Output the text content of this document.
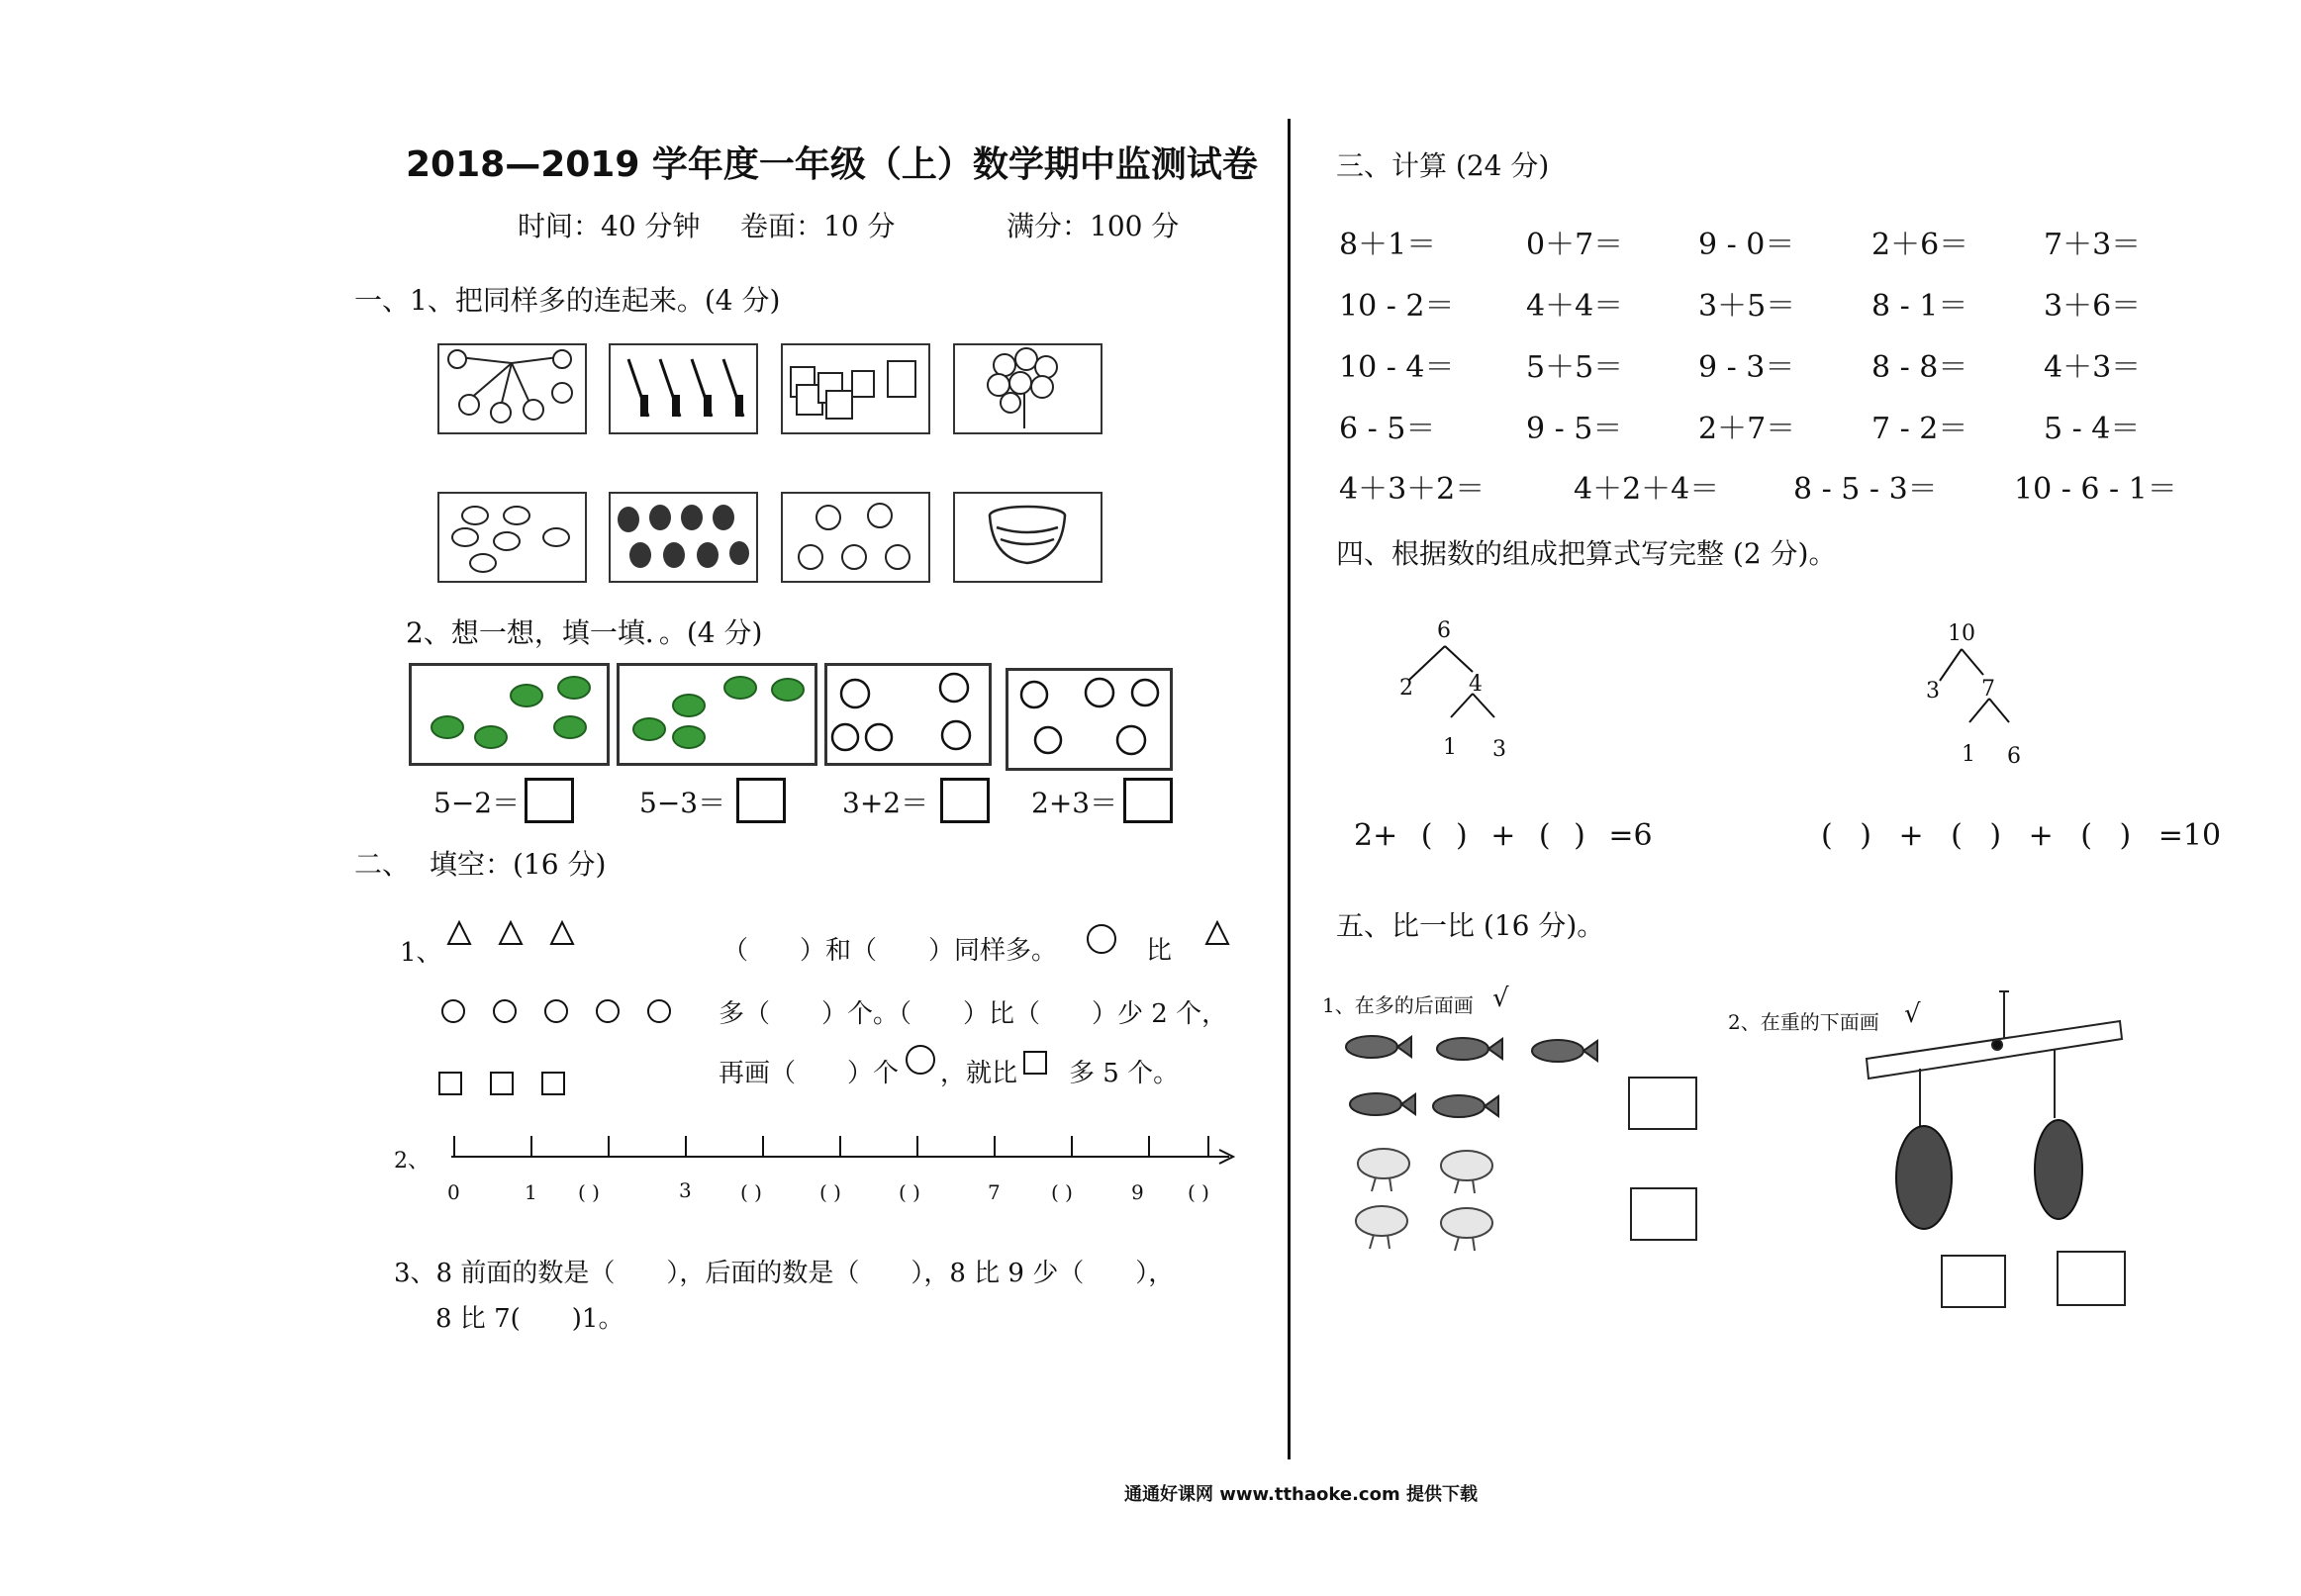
2018—2019 学年度一年级（上）数学期中监测试卷
时间：40 分钟 卷面：10 分	满分：100 分
一、1、把同样多的连起来。(4 分)
2、想一想，填一填．。(4 分)
5−2＝	5−3＝	3+2＝	2+3＝
二、 填空：(16 分)
1、	（　　）和（　　）同样多。	比
多（　　）个。（　　）比（　　）少 2 个，
再画（　　）个 ，就比 多 5 个。
2、
0	1 ( )	3 ( )	( )	( )	7	( )	9 ( )
3、8 前面的数是（　　），后面的数是（　　），8 比 9 少（　　），
8 比 7(　　)1。
三、计算 (24 分)
8＋1＝	0＋7＝	9 - 0＝	2＋6＝	7＋3＝
10 - 2＝ 4＋4＝	3＋5＝	8 - 1＝	3＋6＝
10 - 4＝ 5＋5＝	9 - 3＝	8 - 8＝	4＋3＝
6 - 5＝	9 - 5＝	2＋7＝	7 - 2＝	5 - 4＝
4＋3＋2＝	4＋2＋4＝ 8 - 5 - 3＝	10 - 6 - 1＝
四、根据数的组成把算式写完整 (2 分)。
6
2	4
1 3
10
3 7
1 6
2+ ( ) + ( ) =6	( ) + ( ) + ( ) =10
五、比一比 (16 分)。
1、在多的后面画 √
2、在重的下面画 √
通通好课网 www.tthaoke.com 提供下载
